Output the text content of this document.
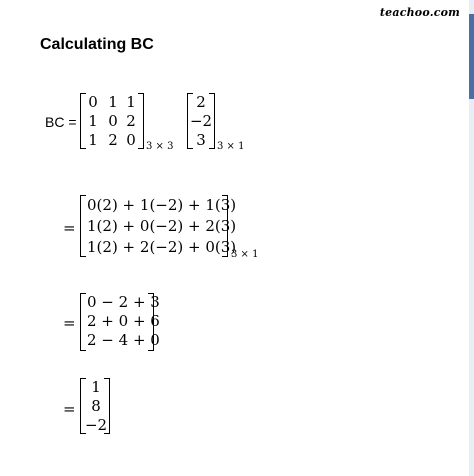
teachoo.com
Calculating BC
BC =
0 1 1
1 0 2
1 2 0 3 × 3
2
−2
3	3 × 1
=
0(2) + 1(−2) + 1(3)
1(2) + 0(−2) + 2(3)
1(2) + 2(−2) + 0(3)
3 × 1
=
0 − 2 + 3
2 + 0 + 6
2 − 4 + 0
=
1
8
−2
